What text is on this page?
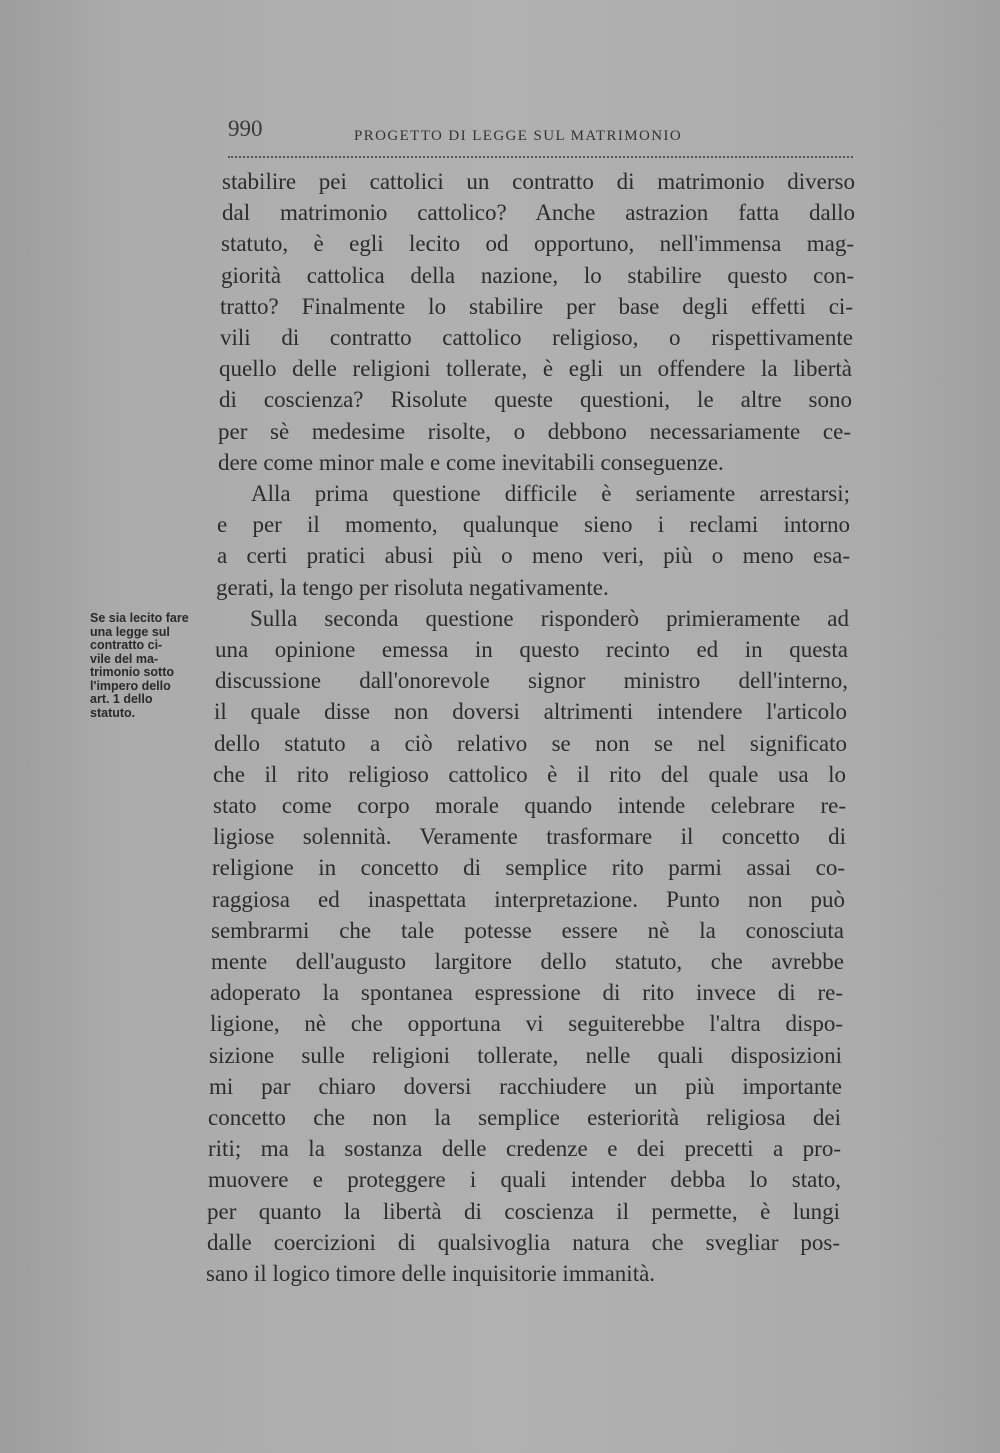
990	PROGETTO DI LEGGE SUL MATRIMONIO
Se sia lecito fare
una legge sul
contratto ci-
vile del ma-
trimonio sotto
l'impero dello
art. 1 dello
statuto.
stabilire pei cattolici un contratto di matrimonio diverso
dal matrimonio cattolico? Anche astrazion fatta dallo
statuto, è egli lecito od opportuno, nell'immensa mag-
giorità cattolica della nazione, lo stabilire questo con-
tratto? Finalmente lo stabilire per base degli effetti ci-
vili di contratto cattolico religioso, o rispettivamente
quello delle religioni tollerate, è egli un offendere la libertà
di coscienza? Risolute queste questioni, le altre sono
per sè medesime risolte, o debbono necessariamente ce-
dere come minor male e come inevitabili conseguenze.
Alla prima questione difficile è seriamente arrestarsi;
e per il momento, qualunque sieno i reclami intorno
a certi pratici abusi più o meno veri, più o meno esa-
gerati, la tengo per risoluta negativamente.
Sulla seconda questione risponderò primieramente ad
una opinione emessa in questo recinto ed in questa
discussione dall'onorevole signor ministro dell'interno,
il quale disse non doversi altrimenti intendere l'articolo
dello statuto a ciò relativo se non se nel significato
che il rito religioso cattolico è il rito del quale usa lo
stato come corpo morale quando intende celebrare re-
ligiose solennità. Veramente trasformare il concetto di
religione in concetto di semplice rito parmi assai co-
raggiosa ed inaspettata interpretazione. Punto non può
sembrarmi che tale potesse essere nè la conosciuta
mente dell'augusto largitore dello statuto, che avrebbe
adoperato la spontanea espressione di rito invece di re-
ligione, nè che opportuna vi seguiterebbe l'altra dispo-
sizione sulle religioni tollerate, nelle quali disposizioni
mi par chiaro doversi racchiudere un più importante
concetto che non la semplice esteriorità religiosa dei
riti; ma la sostanza delle credenze e dei precetti a pro-
muovere e proteggere i quali intender debba lo stato,
per quanto la libertà di coscienza il permette, è lungi
dalle coercizioni di qualsivoglia natura che svegliar pos-
sano il logico timore delle inquisitorie immanità.
